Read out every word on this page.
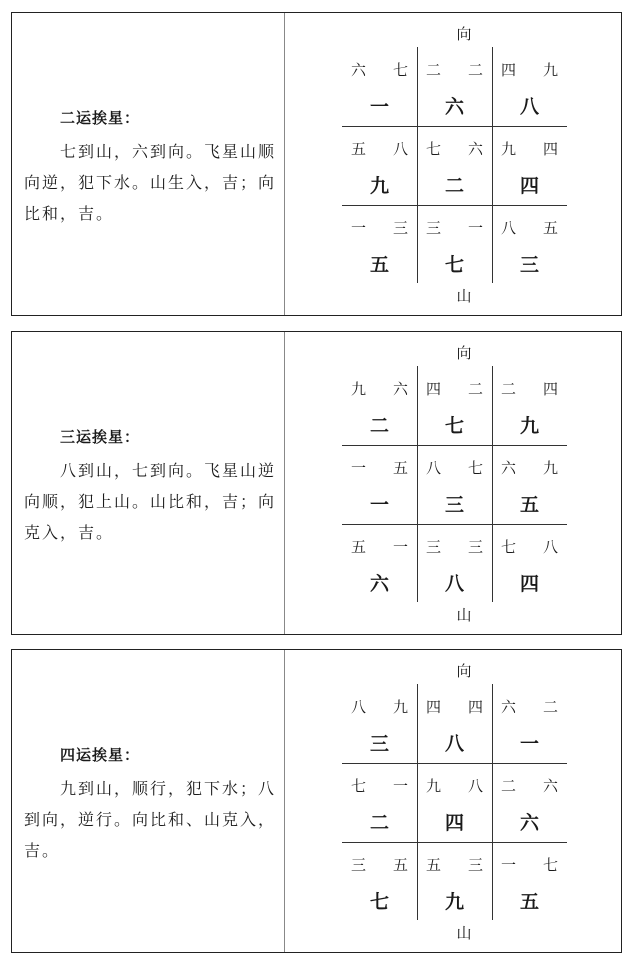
二运挨星：

七到山，六到向。飞星山顺向逆，犯下水。山生入，吉；向比和，吉。

向
山
六 七
一
二 二
六
四 九
八
五 八
九
七 六
二
九 四
四
一 三
五
三 一
七
八 五
三
三运挨星：

八到山，七到向。飞星山逆向顺，犯上山。山比和，吉；向克入，吉。

向
山
九 六
二
四 二
七
二 四
九
一 五
一
八 七
三
六 九
五
五 一
六
三 三
八
七 八
四
四运挨星：

九到山，顺行，犯下水；八到向，逆行。向比和、山克入，吉。

向
山
八 九
三
四 四
八
六 二
一
七 一
二
九 八
四
二 六
六
三 五
七
五 三
九
一 七
五
